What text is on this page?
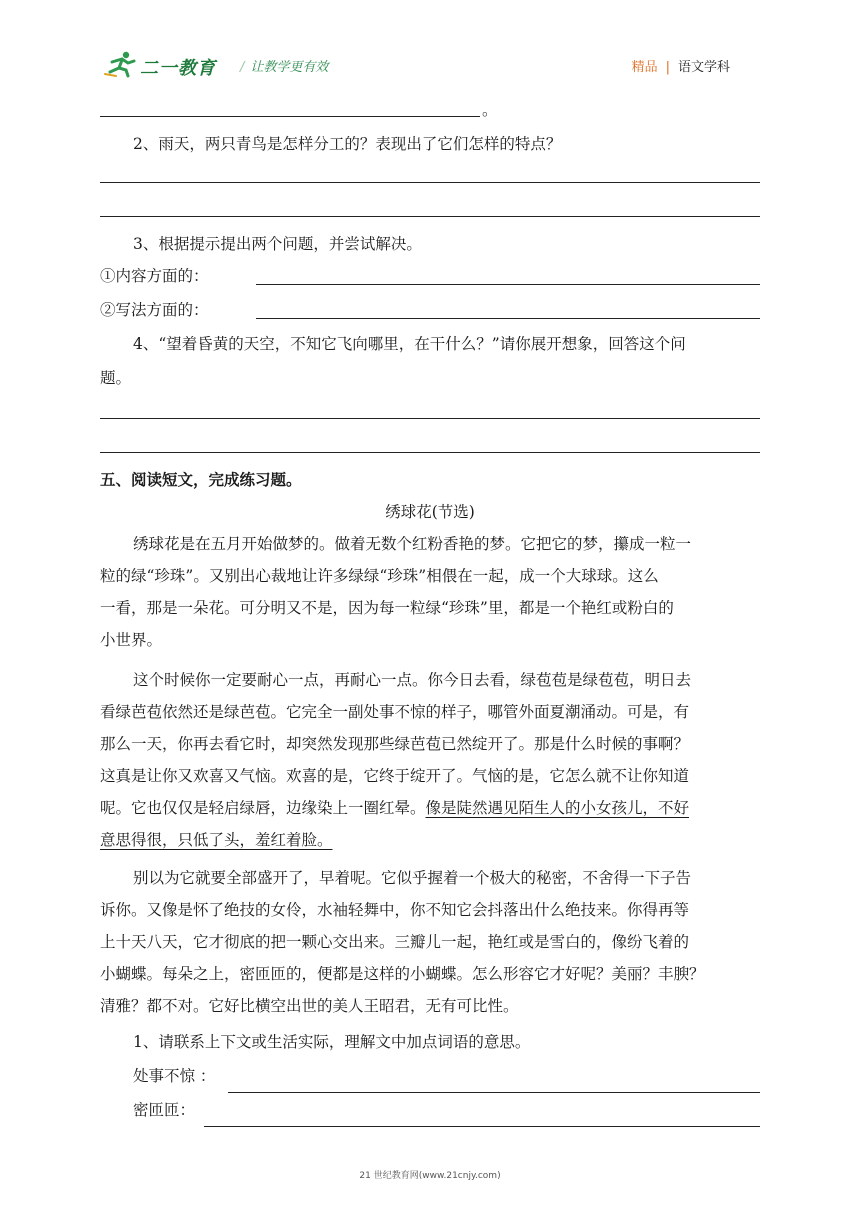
二一教育 / 让教学更有效	精品 | 语文学科
。
2、雨天，两只青鸟是怎样分工的？表现出了它们怎样的特点？
3、根据提示提出两个问题，并尝试解决。
①内容方面的：
②写法方面的：
4、“望着昏黄的天空，不知它飞向哪里，在干什么？”请你展开想象，回答这个问
题。
五、阅读短文，完成练习题。
绣球花(节选)
绣球花是在五月开始做梦的。做着无数个红粉香艳的梦。它把它的梦，攥成一粒一
粒的绿“珍珠”。又别出心裁地让许多绿绿“珍珠”相偎在一起，成一个大球球。这么
一看，那是一朵花。可分明又不是，因为每一粒绿“珍珠”里，都是一个艳红或粉白的
小世界。
这个时候你一定要耐心一点，再耐心一点。你今日去看，绿苞苞是绿苞苞，明日去
看绿芭苞依然还是绿芭苞。它完全一副处事不惊的样子，哪管外面夏潮涌动。可是，有
那么一天，你再去看它时，却突然发现那些绿芭苞已然绽开了。那是什么时候的事啊？
这真是让你又欢喜又气恼。欢喜的是，它终于绽开了。气恼的是，它怎么就不让你知道
呢。它也仅仅是轻启绿唇，边缘染上一圈红晕。像是陡然遇见陌生人的小女孩儿，不好
意思得很，只低了头，羞红着脸。
别以为它就要全部盛开了，早着呢。它似乎握着一个极大的秘密，不舍得一下子告
诉你。又像是怀了绝技的女伶，水袖轻舞中，你不知它会抖落出什么绝技来。你得再等
上十天八天，它才彻底的把一颗心交出来。三瓣儿一起，艳红或是雪白的，像纷飞着的
小蝴蝶。每朵之上，密匝匝的，便都是这样的小蝴蝶。怎么形容它才好呢？美丽？丰腴？
清雅？都不对。它好比横空出世的美人王昭君，无有可比性。
1、请联系上下文或生活实际，理解文中加点词语的意思。
处事不惊 ：
密匝匝：
21 世纪教育网(www.21cnjy.com)
